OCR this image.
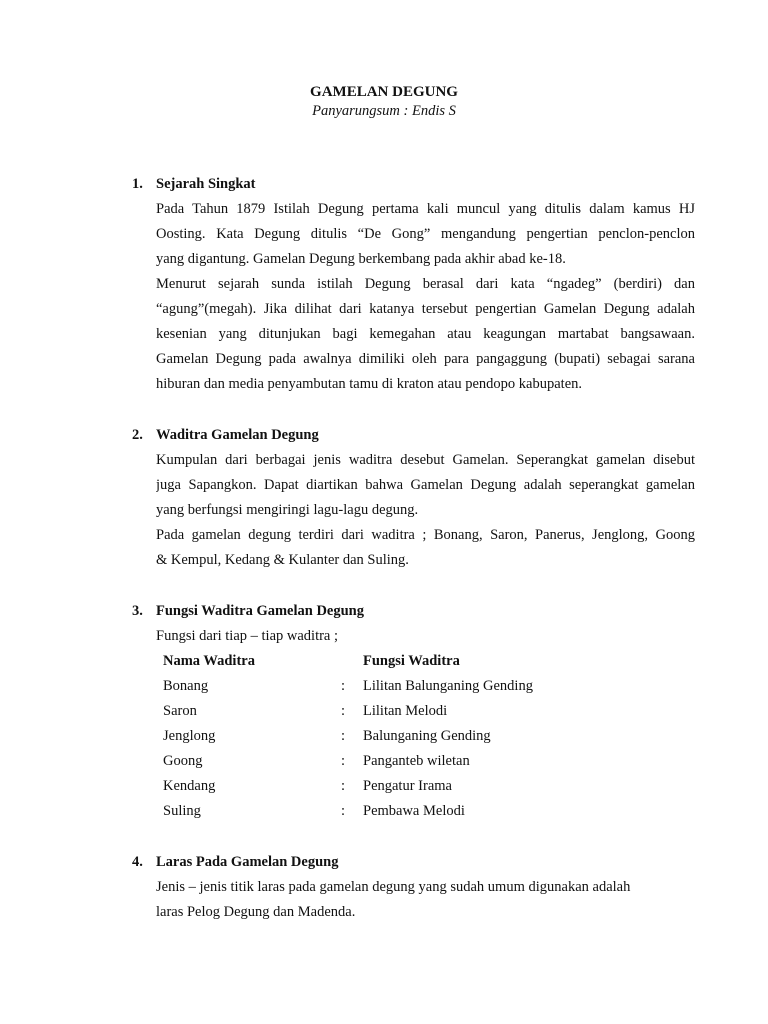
GAMELAN DEGUNG
Panyarungsum : Endis S
1. Sejarah Singkat
Pada Tahun 1879 Istilah Degung pertama kali muncul yang ditulis dalam kamus HJ
Oosting. Kata Degung ditulis “De Gong” mengandung pengertian penclon-penclon
yang digantung. Gamelan Degung berkembang pada akhir abad ke-18.
Menurut sejarah sunda istilah Degung berasal dari kata “ngadeg” (berdiri) dan
“agung”(megah). Jika dilihat dari katanya tersebut pengertian Gamelan Degung adalah
kesenian yang ditunjukan bagi kemegahan atau keagungan martabat bangsawaan.
Gamelan Degung pada awalnya dimiliki oleh para pangaggung (bupati) sebagai sarana
hiburan dan media penyambutan tamu di kraton atau pendopo kabupaten.
2. Waditra Gamelan Degung
Kumpulan dari berbagai jenis waditra desebut Gamelan. Seperangkat gamelan disebut
juga Sapangkon. Dapat diartikan bahwa Gamelan Degung adalah seperangkat gamelan
yang berfungsi mengiringi lagu-lagu degung.
Pada gamelan degung terdiri dari waditra ; Bonang, Saron, Panerus, Jenglong, Goong
& Kempul, Kedang & Kulanter dan Suling.
3. Fungsi Waditra Gamelan Degung
Fungsi dari tiap – tiap waditra ;
Nama Waditra		Fungsi Waditra
Bonang	:	Lilitan Balunganing Gending
Saron	:	Lilitan Melodi
Jenglong	:	Balunganing Gending
Goong	:	Panganteb wiletan
Kendang	:	Pengatur Irama
Suling	:	Pembawa Melodi
4. Laras Pada Gamelan Degung
Jenis – jenis titik laras pada gamelan degung yang sudah umum digunakan adalah
laras Pelog Degung dan Madenda.
